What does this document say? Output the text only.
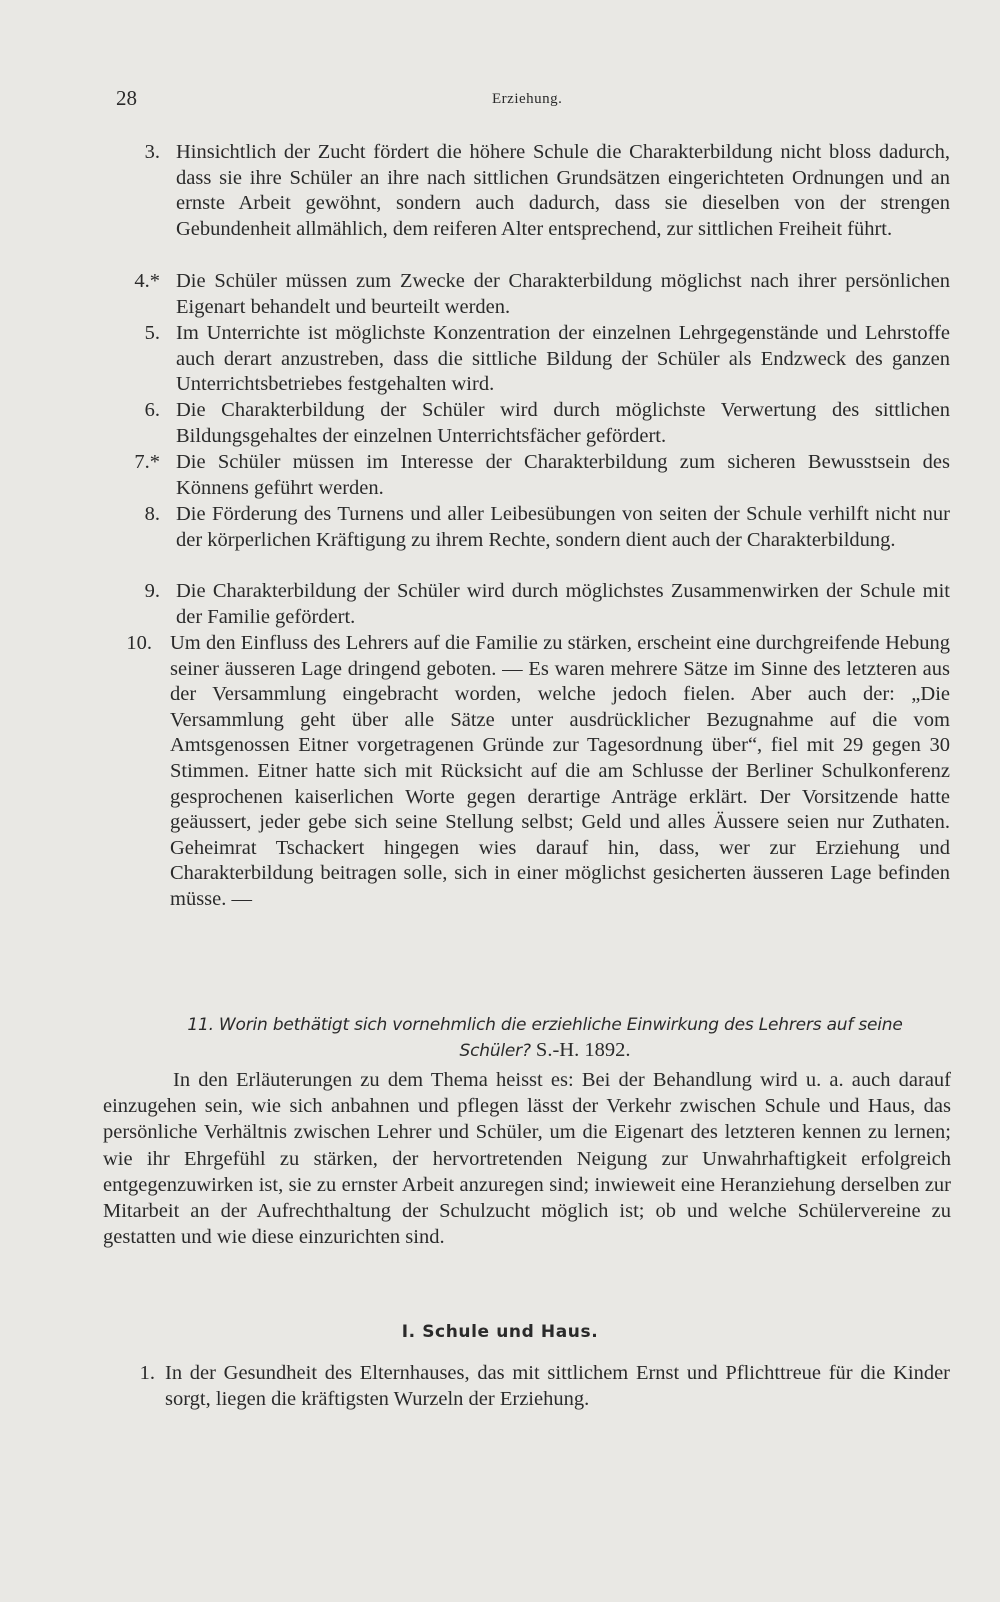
28	Erziehung.
3. Hinsichtlich der Zucht fördert die höhere Schule die Charakterbildung nicht bloss dadurch, dass sie ihre Schüler an ihre nach sittlichen Grundsätzen eingerichteten Ordnungen und an ernste Arbeit gewöhnt, sondern auch dadurch, dass sie dieselben von der strengen Gebundenheit allmählich, dem reiferen Alter entsprechend, zur sittlichen Freiheit führt.
4.* Die Schüler müssen zum Zwecke der Charakterbildung möglichst nach ihrer persönlichen Eigenart behandelt und beurteilt werden.
5. Im Unterrichte ist möglichste Konzentration der einzelnen Lehrgegenstände und Lehrstoffe auch derart anzustreben, dass die sittliche Bildung der Schüler als Endzweck des ganzen Unterrichtsbetriebes festgehalten wird.
6. Die Charakterbildung der Schüler wird durch möglichste Verwertung des sittlichen Bildungsgehaltes der einzelnen Unterrichtsfächer gefördert.
7.* Die Schüler müssen im Interesse der Charakterbildung zum sicheren Bewusstsein des Könnens geführt werden.
8. Die Förderung des Turnens und aller Leibesübungen von seiten der Schule verhilft nicht nur der körperlichen Kräftigung zu ihrem Rechte, sondern dient auch der Charakterbildung.
9. Die Charakterbildung der Schüler wird durch möglichstes Zusammenwirken der Schule mit der Familie gefördert.
10. Um den Einfluss des Lehrers auf die Familie zu stärken, erscheint eine durchgreifende Hebung seiner äusseren Lage dringend geboten. — Es waren mehrere Sätze im Sinne des letzteren aus der Versammlung eingebracht worden, welche jedoch fielen. Aber auch der: „Die Versammlung geht über alle Sätze unter ausdrücklicher Bezugnahme auf die vom Amtsgenossen Eitner vorgetragenen Gründe zur Tagesordnung über“, fiel mit 29 gegen 30 Stimmen. Eitner hatte sich mit Rücksicht auf die am Schlusse der Berliner Schulkonferenz gesprochenen kaiserlichen Worte gegen derartige Anträge erklärt. Der Vorsitzende hatte geäussert, jeder gebe sich seine Stellung selbst; Geld und alles Äussere seien nur Zuthaten. Geheimrat Tschackert hingegen wies darauf hin, dass, wer zur Erziehung und Charakterbildung beitragen solle, sich in einer möglichst gesicherten äusseren Lage befinden müsse. —
11. Worin bethätigt sich vornehmlich die erziehliche Einwirkung des Lehrers auf seine
Schüler? S.-H. 1892.
In den Erläuterungen zu dem Thema heisst es: Bei der Behandlung wird u. a. auch darauf einzugehen sein, wie sich anbahnen und pflegen lässt der Verkehr zwischen Schule und Haus, das persönliche Verhältnis zwischen Lehrer und Schüler, um die Eigenart des letzteren kennen zu lernen; wie ihr Ehrgefühl zu stärken, der hervortretenden Neigung zur Unwahrhaftigkeit erfolgreich entgegenzuwirken ist, sie zu ernster Arbeit anzuregen sind; inwieweit eine Heranziehung derselben zur Mitarbeit an der Aufrechthaltung der Schulzucht möglich ist; ob und welche Schülervereine zu gestatten und wie diese einzurichten sind.
I. Schule und Haus.
1. In der Gesundheit des Elternhauses, das mit sittlichem Ernst und Pflichttreue für die Kinder sorgt, liegen die kräftigsten Wurzeln der Erziehung.
